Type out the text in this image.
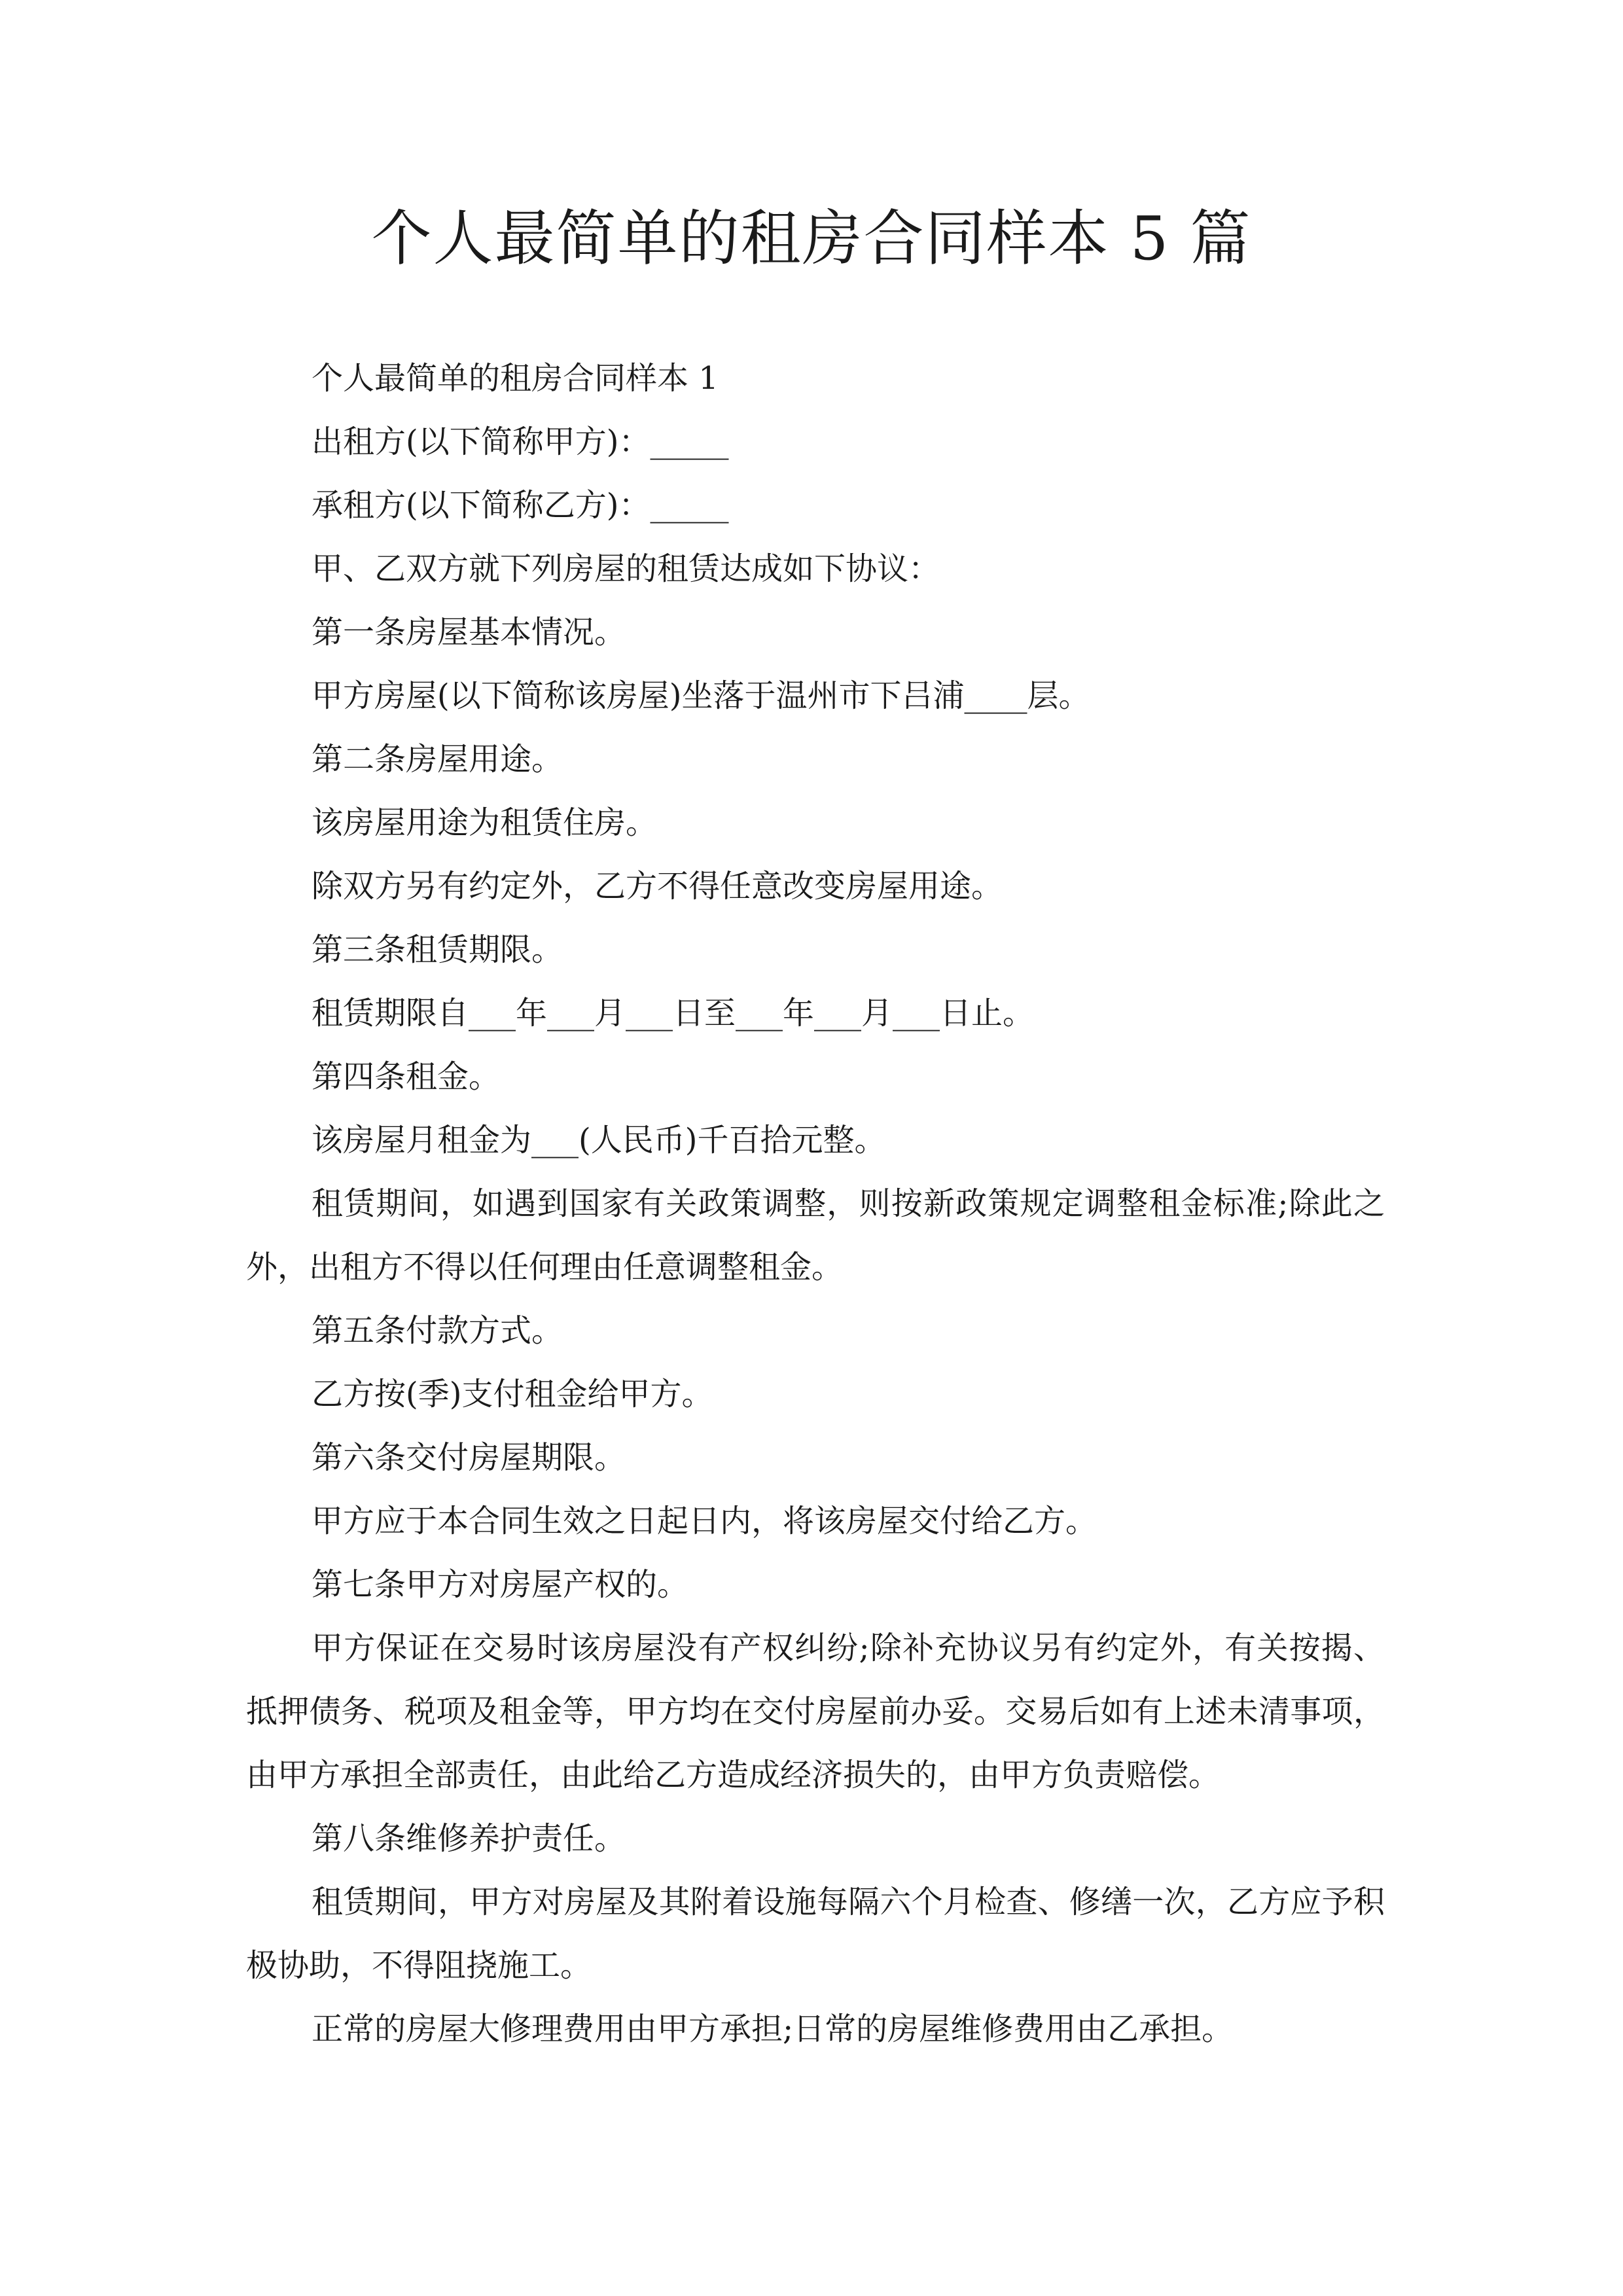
个人最简单的租房合同样本 5 篇

个人最简单的租房合同样本 1

出租方(以下简称甲方)：_____

承租方(以下简称乙方)：_____

甲、乙双方就下列房屋的租赁达成如下协议：

第一条房屋基本情况。

甲方房屋(以下简称该房屋)坐落于温州市下吕浦____层。

第二条房屋用途。

该房屋用途为租赁住房。

除双方另有约定外，乙方不得任意改变房屋用途。

第三条租赁期限。

租赁期限自___年___月___日至___年___月___日止。

第四条租金。

该房屋月租金为___(人民币)千百拾元整。

租赁期间，如遇到国家有关政策调整，则按新政策规定调整租金标准;除此之外，出租方不得以任何理由任意调整租金。

第五条付款方式。

乙方按(季)支付租金给甲方。

第六条交付房屋期限。

甲方应于本合同生效之日起日内，将该房屋交付给乙方。

第七条甲方对房屋产权的。

甲方保证在交易时该房屋没有产权纠纷;除补充协议另有约定外，有关按揭、抵押债务、税项及租金等，甲方均在交付房屋前办妥。交易后如有上述未清事项，由甲方承担全部责任，由此给乙方造成经济损失的，由甲方负责赔偿。

第八条维修养护责任。

租赁期间，甲方对房屋及其附着设施每隔六个月检查、修缮一次，乙方应予积极协助，不得阻挠施工。

正常的房屋大修理费用由甲方承担;日常的房屋维修费用由乙承担。
